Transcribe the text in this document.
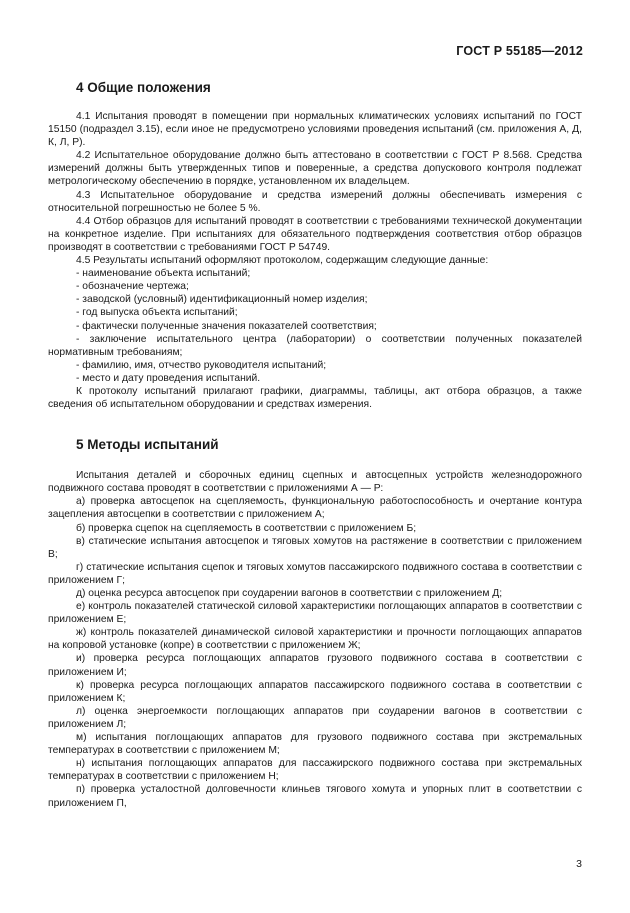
ГОСТ Р 55185—2012
4 Общие положения

4.1 Испытания проводят в помещении при нормальных климатических условиях испытаний по ГОСТ 15150 (подраздел 3.15), если иное не предусмотрено условиями проведения испытаний (см. приложения А, Д, К, Л, Р).

4.2 Испытательное оборудование должно быть аттестовано в соответствии с ГОСТ Р 8.568. Средства измерений должны быть утвержденных типов и поверенные, а средства допускового контроля подлежат метрологическому обеспечению в порядке, установленном их владельцем.

4.3 Испытательное оборудование и средства измерений должны обеспечивать измерения с относительной погрешностью не более 5 %.

4.4 Отбор образцов для испытаний проводят в соответствии с требованиями технической документации на конкретное изделие. При испытаниях для обязательного подтверждения соответствия отбор образцов производят в соответствии с требованиями ГОСТ Р 54749.

4.5 Результаты испытаний оформляют протоколом, содержащим следующие данные:

- наименование объекта испытаний;

- обозначение чертежа;

- заводской (условный) идентификационный номер изделия;

- год выпуска объекта испытаний;

- фактически полученные значения показателей соответствия;

- заключение испытательного центра (лаборатории) о соответствии полученных показателей нормативным требованиям;

- фамилию, имя, отчество руководителя испытаний;

- место и дату проведения испытаний.

К протоколу испытаний прилагают графики, диаграммы, таблицы, акт отбора образцов, а также сведения об испытательном оборудовании и средствах измерения.

5 Методы испытаний

Испытания деталей и сборочных единиц сцепных и автосцепных устройств железнодорожного подвижного состава проводят в соответствии с приложениями А — Р:

а) проверка автосцепок на сцепляемость, функциональную работоспособность и очертание контура зацепления автосцепки в соответствии с приложением А;

б) проверка сцепок на сцепляемость в соответствии с приложением Б;

в) статические испытания автосцепок и тяговых хомутов на растяжение в соответствии с приложением В;

г) статические испытания сцепок и тяговых хомутов пассажирского подвижного состава в соответствии с приложением Г;

д) оценка ресурса автосцепок при соударении вагонов в соответствии с приложением Д;

е) контроль показателей статической силовой характеристики поглощающих аппаратов в соответствии с приложением Е;

ж) контроль показателей динамической силовой характеристики и прочности поглощающих аппаратов на копровой установке (копре) в соответствии с приложением Ж;

и) проверка ресурса поглощающих аппаратов грузового подвижного состава в соответствии с приложением И;

к) проверка ресурса поглощающих аппаратов пассажирского подвижного состава в соответствии с приложением К;

л) оценка энергоемкости поглощающих аппаратов при соударении вагонов в соответствии с приложением Л;

м) испытания поглощающих аппаратов для грузового подвижного состава при экстремальных температурах в соответствии с приложением М;

н) испытания поглощающих аппаратов для пассажирского подвижного состава при экстремальных температурах в соответствии с приложением Н;

п) проверка усталостной долговечности клиньев тягового хомута и упорных плит в соответствии с приложением П,

3
